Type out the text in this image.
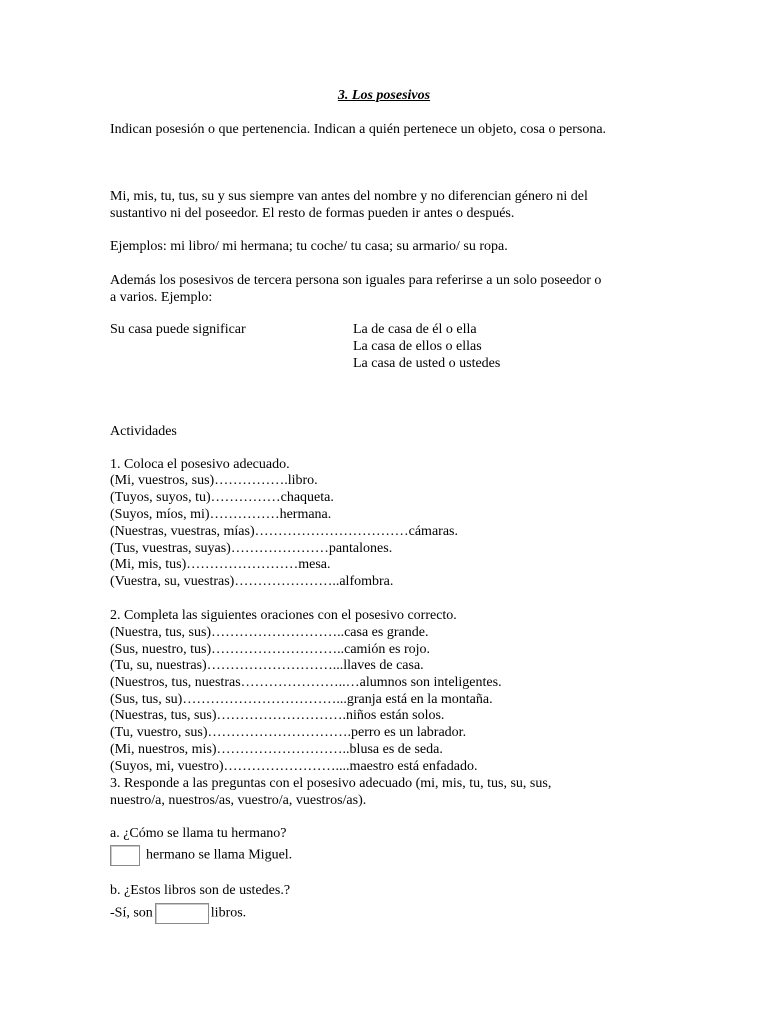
3. Los posesivos

Indican posesión o que pertenencia. Indican a quién pertenece un objeto, cosa o persona.

Mi, mis, tu, tus, su y sus siempre van antes del nombre y no diferencian género ni del

sustantivo ni del poseedor. El resto de formas pueden ir antes o después.

Ejemplos: mi libro/ mi hermana; tu coche/ tu casa; su armario/ su ropa.

Además los posesivos de tercera persona son iguales para referirse a un solo poseedor o

a varios. Ejemplo:

Su casa puede significar	La de casa de él o ella

La casa de ellos o ellas

La casa de usted o ustedes

Actividades

1. Coloca el posesivo adecuado.

(Mi, vuestros, sus)…………….libro.

(Tuyos, suyos, tu)……………chaqueta.

(Suyos, míos, mi)……………hermana.

(Nuestras, vuestras, mías)……………………………cámaras.

(Tus, vuestras, suyas)…………………pantalones.

(Mi, mis, tus)……………………mesa.

(Vuestra, su, vuestras)…………………..alfombra.

2. Completa las siguientes oraciones con el posesivo correcto.

(Nuestra, tus, sus)………………………..casa es grande.

(Sus, nuestro, tus)………………………..camión es rojo.

(Tu, su, nuestras)………………………...llaves de casa.

(Nuestros, tus, nuestras…………………..…alumnos son inteligentes.

(Sus, tus, su)……………………………...granja está en la montaña.

(Nuestras, tus, sus)……………………….niños están solos.

(Tu, vuestro, sus)………………………….perro es un labrador.

(Mi, nuestros, mis)………………………..blusa es de seda.

(Suyos, mi, vuestro)……………………....maestro está enfadado.

3. Responde a las preguntas con el posesivo adecuado (mi, mis, tu, tus, su, sus,

nuestro/a, nuestros/as, vuestro/a, vuestros/as).

a. ¿Cómo se llama tu hermano?

hermano se llama Miguel.

b. ¿Estos libros son de ustedes.?

-Sí, son	libros.
